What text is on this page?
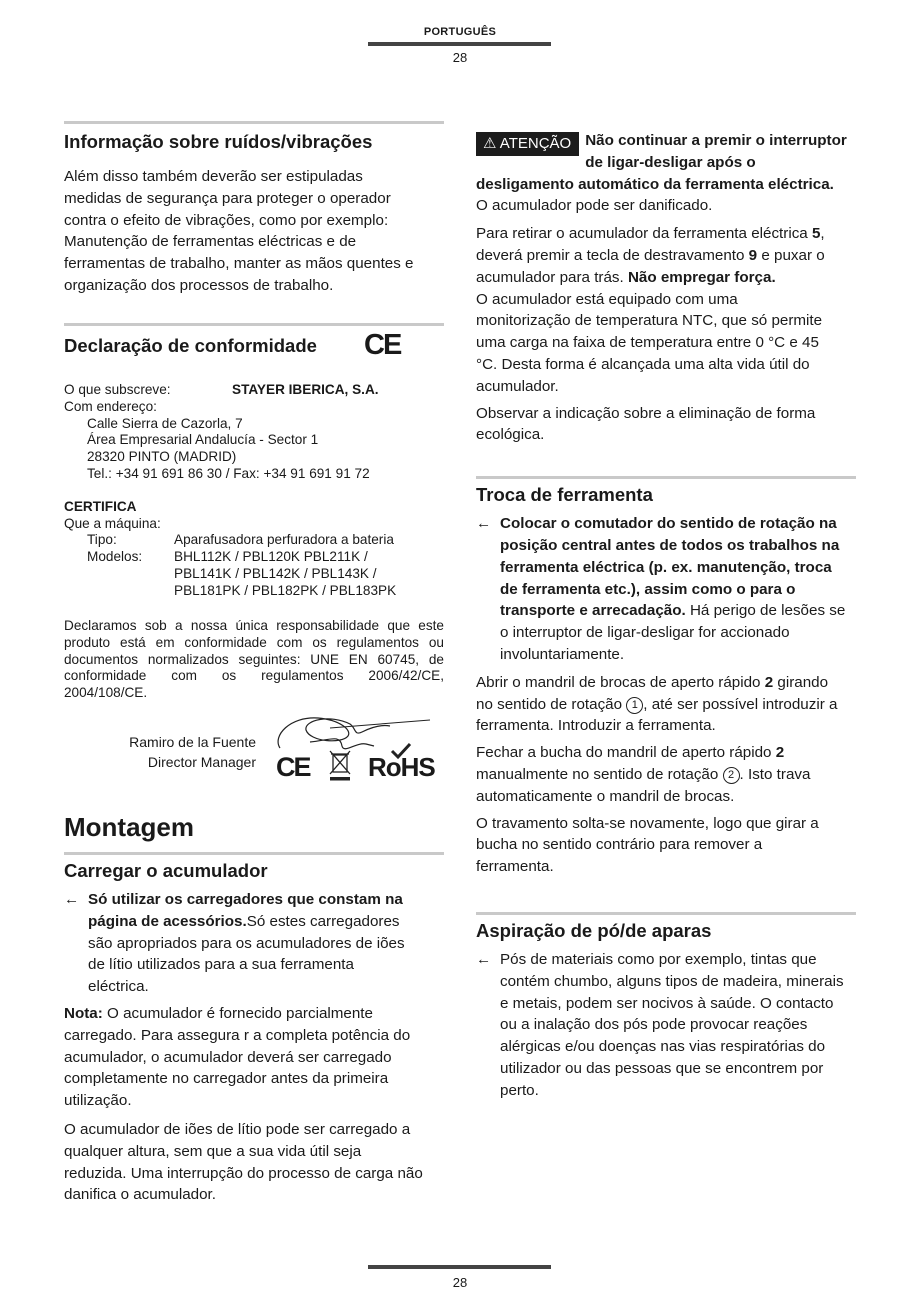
PORTUGUÊS
28
Informação sobre ruídos/vibrações

Além disso também deverão ser estipuladas medidas de segurança para proteger o operador contra o efeito de vibrações, como por exemplo: Manutenção de ferramentas eléctricas e de ferramentas de trabalho, manter as mãos quentes e organização dos processos de trabalho.

Declaração de conformidade CE
O que subscreve:	STAYER IBERICA, S.A.
Com endereço:
Calle Sierra de Cazorla, 7
Área Empresarial Andalucía - Sector 1
28320 PINTO (MADRID)
Tel.: +34 91 691 86 30 / Fax: +34 91 691 91 72
CERTIFICA
Que a máquina:
Tipo:	Aparafusadora perfuradora a bateria
Modelos: BHL112K / PBL120K PBL211K /
PBL141K / PBL142K / PBL143K /
PBL181PK / PBL182PK / PBL183PK

Declaramos sob a nossa única responsabilidade que este produto está em conformidade com os regulamentos ou documentos normalizados seguintes: UNE EN 60745, de conformidade com os regulamentos 2006/42/CE, 2004/108/CE.

Ramiro de la Fuente
Director Manager CE RoHS
Montagem
Carregar o acumulador
← Só utilizar os carregadores que constam na página de acessórios.Só estes carregadores são apropriados para os acumuladores de iões de lítio utilizados para a sua ferramenta eléctrica.

Nota: O acumulador é fornecido parcialmente carregado. Para assegura r a completa potência do acumulador, o acumulador deverá ser carregado completamente no carregador antes da primeira utilização.

O acumulador de iões de lítio pode ser carregado a qualquer altura, sem que a sua vida útil seja reduzida. Uma interrupção do processo de carga não danifica o acumulador.

⚠ ATENÇÃO Não continuar a premir o interruptor de ligar-desligar após o desligamento automático da ferramenta eléctrica. O acumulador pode ser danificado.

Para retirar o acumulador da ferramenta eléctrica 5, deverá premir a tecla de destravamento 9 e puxar o acumulador para trás. Não empregar força.

O acumulador está equipado com uma monitorização de temperatura NTC, que só permite uma carga na faixa de temperatura entre 0 °C e 45 °C. Desta forma é alcançada uma alta vida útil do acumulador.

Observar a indicação sobre a eliminação de forma ecológica.

Troca de ferramenta
← Colocar o comutador do sentido de rotação na posição central antes de todos os trabalhos na ferramenta eléctrica (p. ex. manutenção, troca de ferramenta etc.), assim como o para o transporte e arrecadação. Há perigo de lesões se o interruptor de ligar-desligar for accionado involuntariamente.

Abrir o mandril de brocas de aperto rápido 2 girando no sentido de rotação 1 , até ser possível introduzir a ferramenta. Introduzir a ferramenta.

Fechar a bucha do mandril de aperto rápido 2 manualmente no sentido de rotação 2 . Isto trava automaticamente o mandril de brocas.

O travamento solta-se novamente, logo que girar a bucha no sentido contrário para remover a ferramenta.

Aspiração de pó/de aparas
← Pós de materiais como por exemplo, tintas que contém chumbo, alguns tipos de madeira, minerais e metais, podem ser nocivos à saúde. O contacto ou a inalação dos pós pode provocar reações alérgicas e/ou doenças nas vias respiratórias do utilizador ou das pessoas que se encontrem por perto.
28
